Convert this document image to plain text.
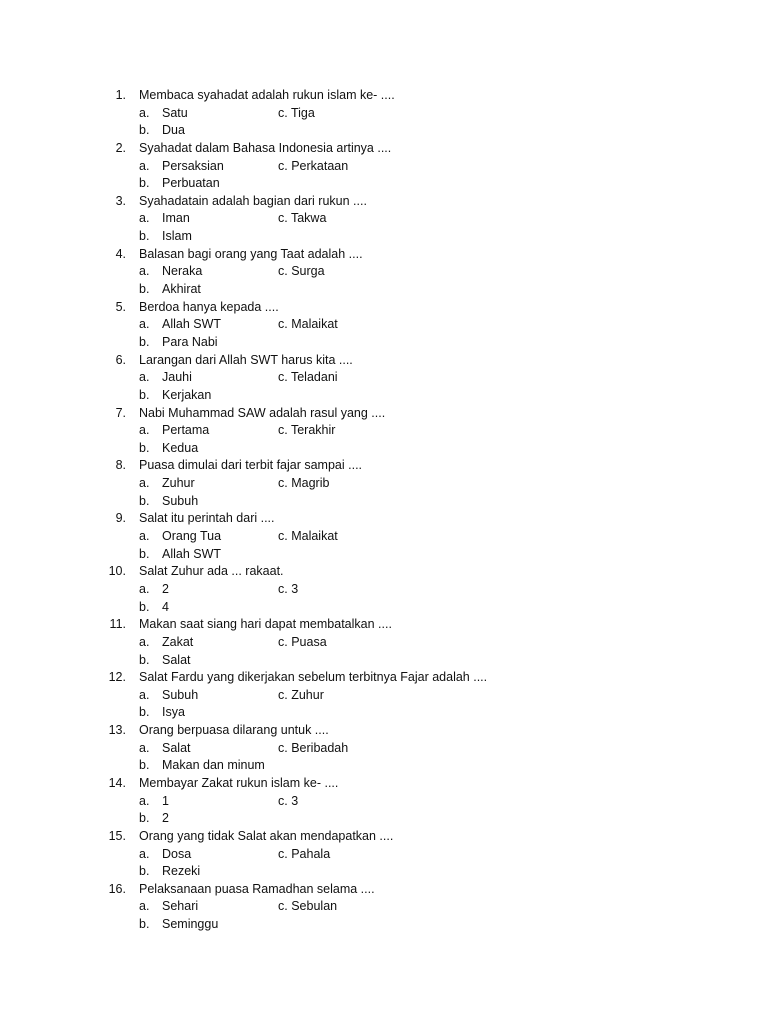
1. Membaca syahadat adalah rukun islam ke- ....
a. Satu	c. Tiga
b. Dua
2. Syahadat dalam Bahasa Indonesia artinya ....
a. Persaksian	c. Perkataan
b. Perbuatan
3. Syahadatain adalah bagian dari rukun ....
a. Iman	c. Takwa
b. Islam
4. Balasan bagi orang yang Taat adalah ....
a. Neraka	c. Surga
b. Akhirat
5. Berdoa hanya kepada ....
a. Allah SWT	c. Malaikat
b. Para Nabi
6. Larangan dari Allah SWT harus kita ....
a. Jauhi	c. Teladani
b. Kerjakan
7. Nabi Muhammad SAW adalah rasul yang ....
a. Pertama	c. Terakhir
b. Kedua
8. Puasa dimulai dari terbit fajar sampai ....
a. Zuhur	c. Magrib
b. Subuh
9. Salat itu perintah dari ....
a. Orang Tua	c. Malaikat
b. Allah SWT
10. Salat Zuhur ada ... rakaat.
a. 2	c. 3
b. 4
11. Makan saat siang hari dapat membatalkan ....
a. Zakat	c. Puasa
b. Salat
12. Salat Fardu yang dikerjakan sebelum terbitnya Fajar adalah ....
a. Subuh	c. Zuhur
b. Isya
13. Orang berpuasa dilarang untuk ....
a. Salat	c. Beribadah
b. Makan dan minum
14. Membayar Zakat rukun islam ke- ....
a. 1	c. 3
b. 2
15. Orang yang tidak Salat akan mendapatkan ....
a. Dosa	c. Pahala
b. Rezeki
16. Pelaksanaan puasa Ramadhan selama ....
a. Sehari	c. Sebulan
b. Seminggu
